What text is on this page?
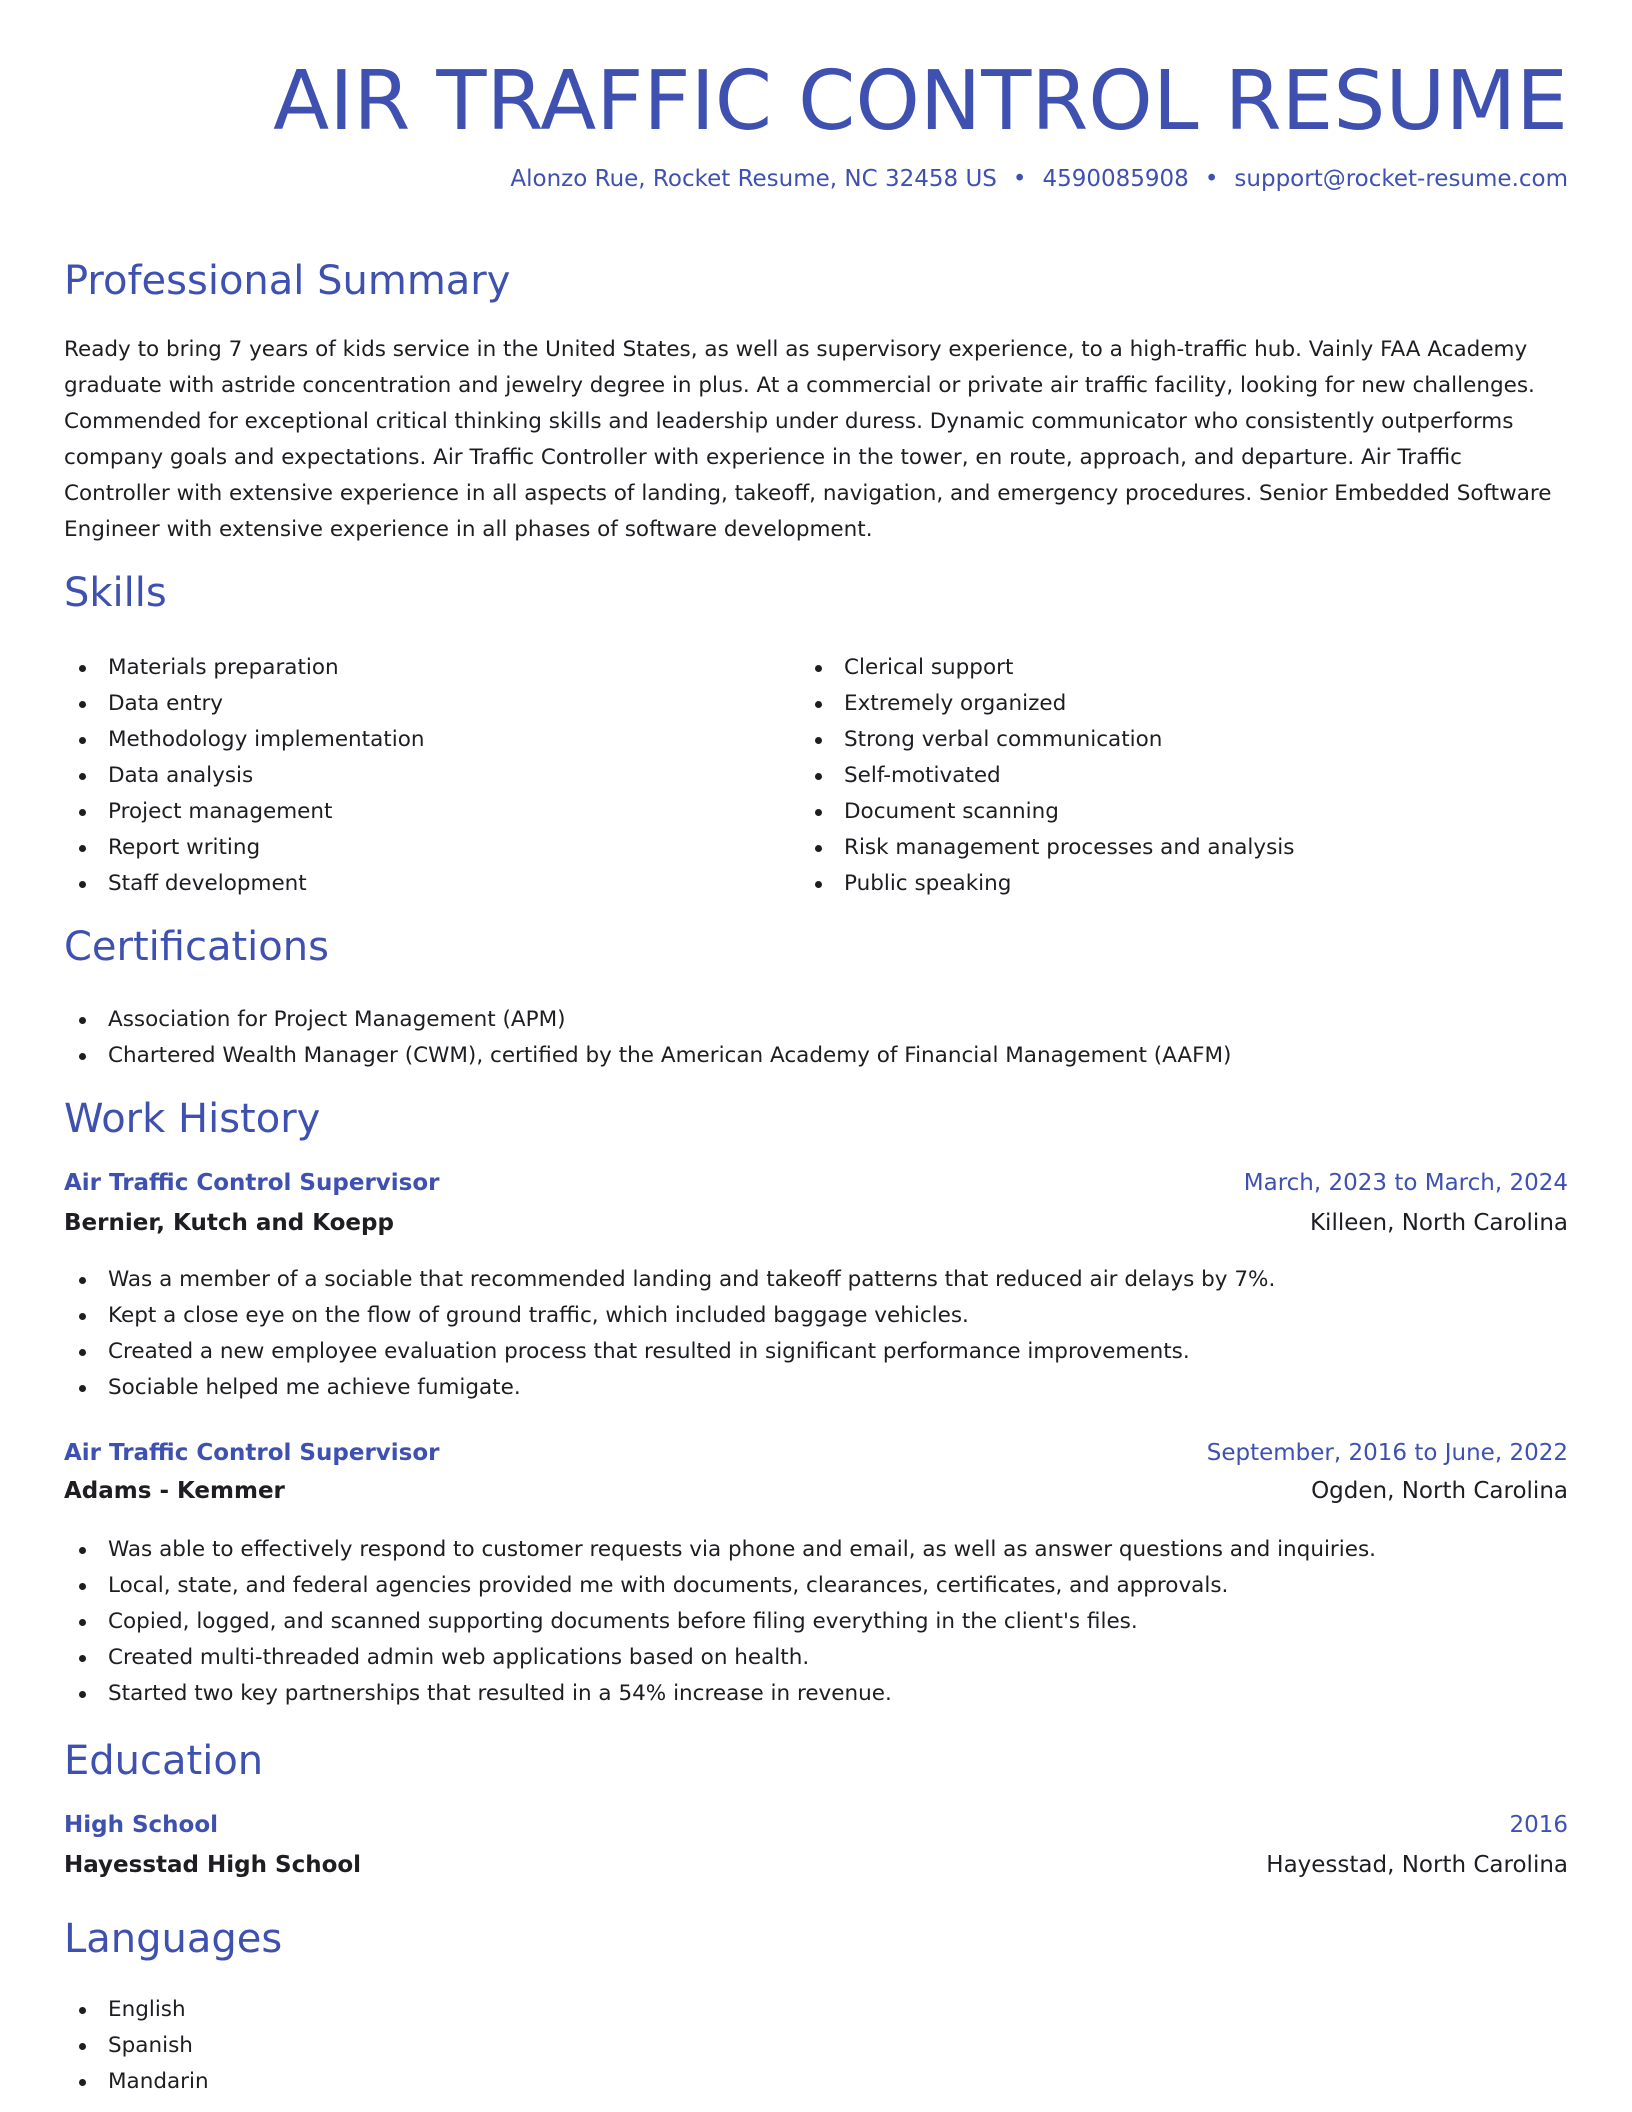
AIR TRAFFIC CONTROL RESUME
Alonzo Rue, Rocket Resume, NC 32458 US • 4590085908 • support@rocket-resume.com
Professional Summary

Ready to bring 7 years of kids service in the United States, as well as supervisory experience, to a high-traffic hub. Vainly FAA Academy graduate with astride concentration and jewelry degree in plus. At a commercial or private air traffic facility, looking for new challenges. Commended for exceptional critical thinking skills and leadership under duress. Dynamic communicator who consistently outperforms company goals and expectations. Air Traffic Controller with experience in the tower, en route, approach, and departure. Air Traffic Controller with extensive experience in all aspects of landing, takeoff, navigation, and emergency procedures. Senior Embedded Software Engineer with extensive experience in all phases of software development.

Skills
Materials preparation
Data entry
Methodology implementation
Data analysis
Project management
Report writing
Staff development
Clerical support
Extremely organized
Strong verbal communication
Self-motivated
Document scanning
Risk management processes and analysis
Public speaking
Certifications
Association for Project Management (APM)
Chartered Wealth Manager (CWM), certified by the American Academy of Financial Management (AAFM)
Work History
Air Traffic Control Supervisor	March, 2023 to March, 2024
Bernier, Kutch and Koepp	Killeen, North Carolina
Was a member of a sociable that recommended landing and takeoff patterns that reduced air delays by 7%.
Kept a close eye on the flow of ground traffic, which included baggage vehicles.
Created a new employee evaluation process that resulted in significant performance improvements.
Sociable helped me achieve fumigate.
Air Traffic Control Supervisor	September, 2016 to June, 2022
Adams - Kemmer	Ogden, North Carolina
Was able to effectively respond to customer requests via phone and email, as well as answer questions and inquiries.
Local, state, and federal agencies provided me with documents, clearances, certificates, and approvals.
Copied, logged, and scanned supporting documents before filing everything in the client's files.
Created multi-threaded admin web applications based on health.
Started two key partnerships that resulted in a 54% increase in revenue.
Education
High School	2016
Hayesstad High School	Hayesstad, North Carolina
Languages
English
Spanish
Mandarin
